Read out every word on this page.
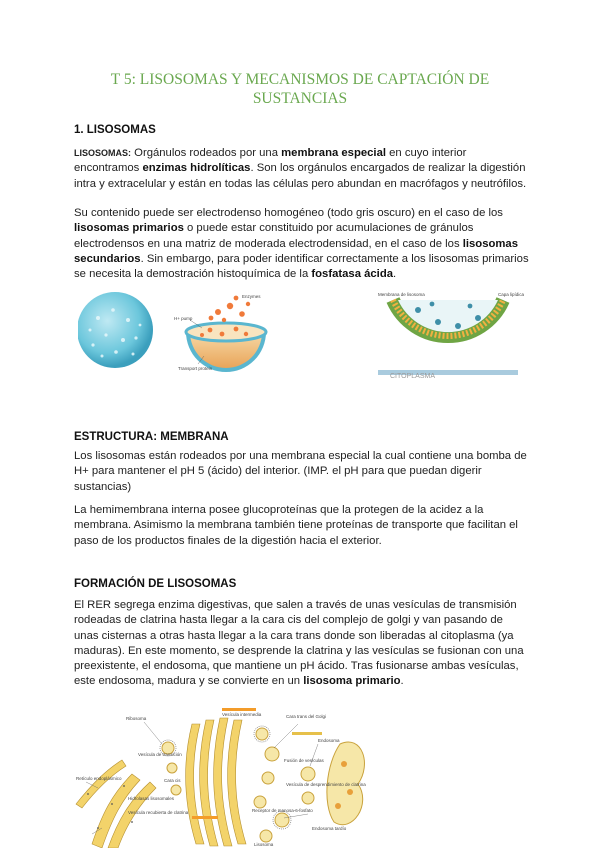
T 5: LISOSOMAS Y MECANISMOS DE CAPTACIÓN DE
SUSTANCIAS
1. LISOSOMAS
LISOSOMAS: Orgánulos rodeados por una membrana especial en cuyo interior encontramos enzimas hidrolíticas. Son los orgánulos encargados de realizar la digestión intra y extracelular y están en todas las células pero abundan en macrófagos y neutrófilos.
Su contenido puede ser electrodenso homogéneo (todo gris oscuro) en el caso de los lisosomas primarios o puede estar constituido por acumulaciones de gránulos electrodensos en una matriz de moderada electrodensidad, en el caso de los lisosomas secundarios. Sin embargo, para poder identificar correctamente a los lisosomas primarios se necesita la demostración histoquímica de la fosfatasa ácida.
Enzymes
H+ pump
Transport protein
Membrana de lisosoma	Capa lipídica
CITOPLASMA
ESTRUCTURA: MEMBRANA
Los lisosomas están rodeados por una membrana especial la cual contiene una bomba de H+ para mantener el pH 5 (ácido) del interior. (IMP. el pH para que puedan digerir sustancias)
La hemimembrana interna posee glucoproteínas que la protegen de la acidez a la membrana. Asimismo la membrana también tiene proteínas de transporte que facilitan el paso de los productos finales de la digestión hacia el exterior.
FORMACIÓN DE LISOSOMAS
El RER segrega enzima digestivas, que salen a través de unas vesículas de transmisión rodeadas de clatrina hasta llegar a la cara cis del complejo de golgi y van pasando de unas cisternas a otras hasta llegar a la cara trans donde son liberadas al citoplasma (ya maduras). En este momento, se desprende la clatrina y las vesículas se fusionan con una preexistente, el endosoma, que mantiene un pH ácido. Tras fusionarse ambas vesículas, este endosoma, madura y se convierte en un lisosoma primario.
Ribosoma
Vesícula de transición
Vesícula intermedia	Cara trans del Golgi
Cara cis
Hidrolasas lisosomales
Retículo endoplásmico
Vesícula recubierta de clatrina
Endosoma
Endosoma tardío
Fusión de vesículas
Receptor de manosa-6-fosfato
Vesícula de desprendimiento de clatrina
Lisosoma
